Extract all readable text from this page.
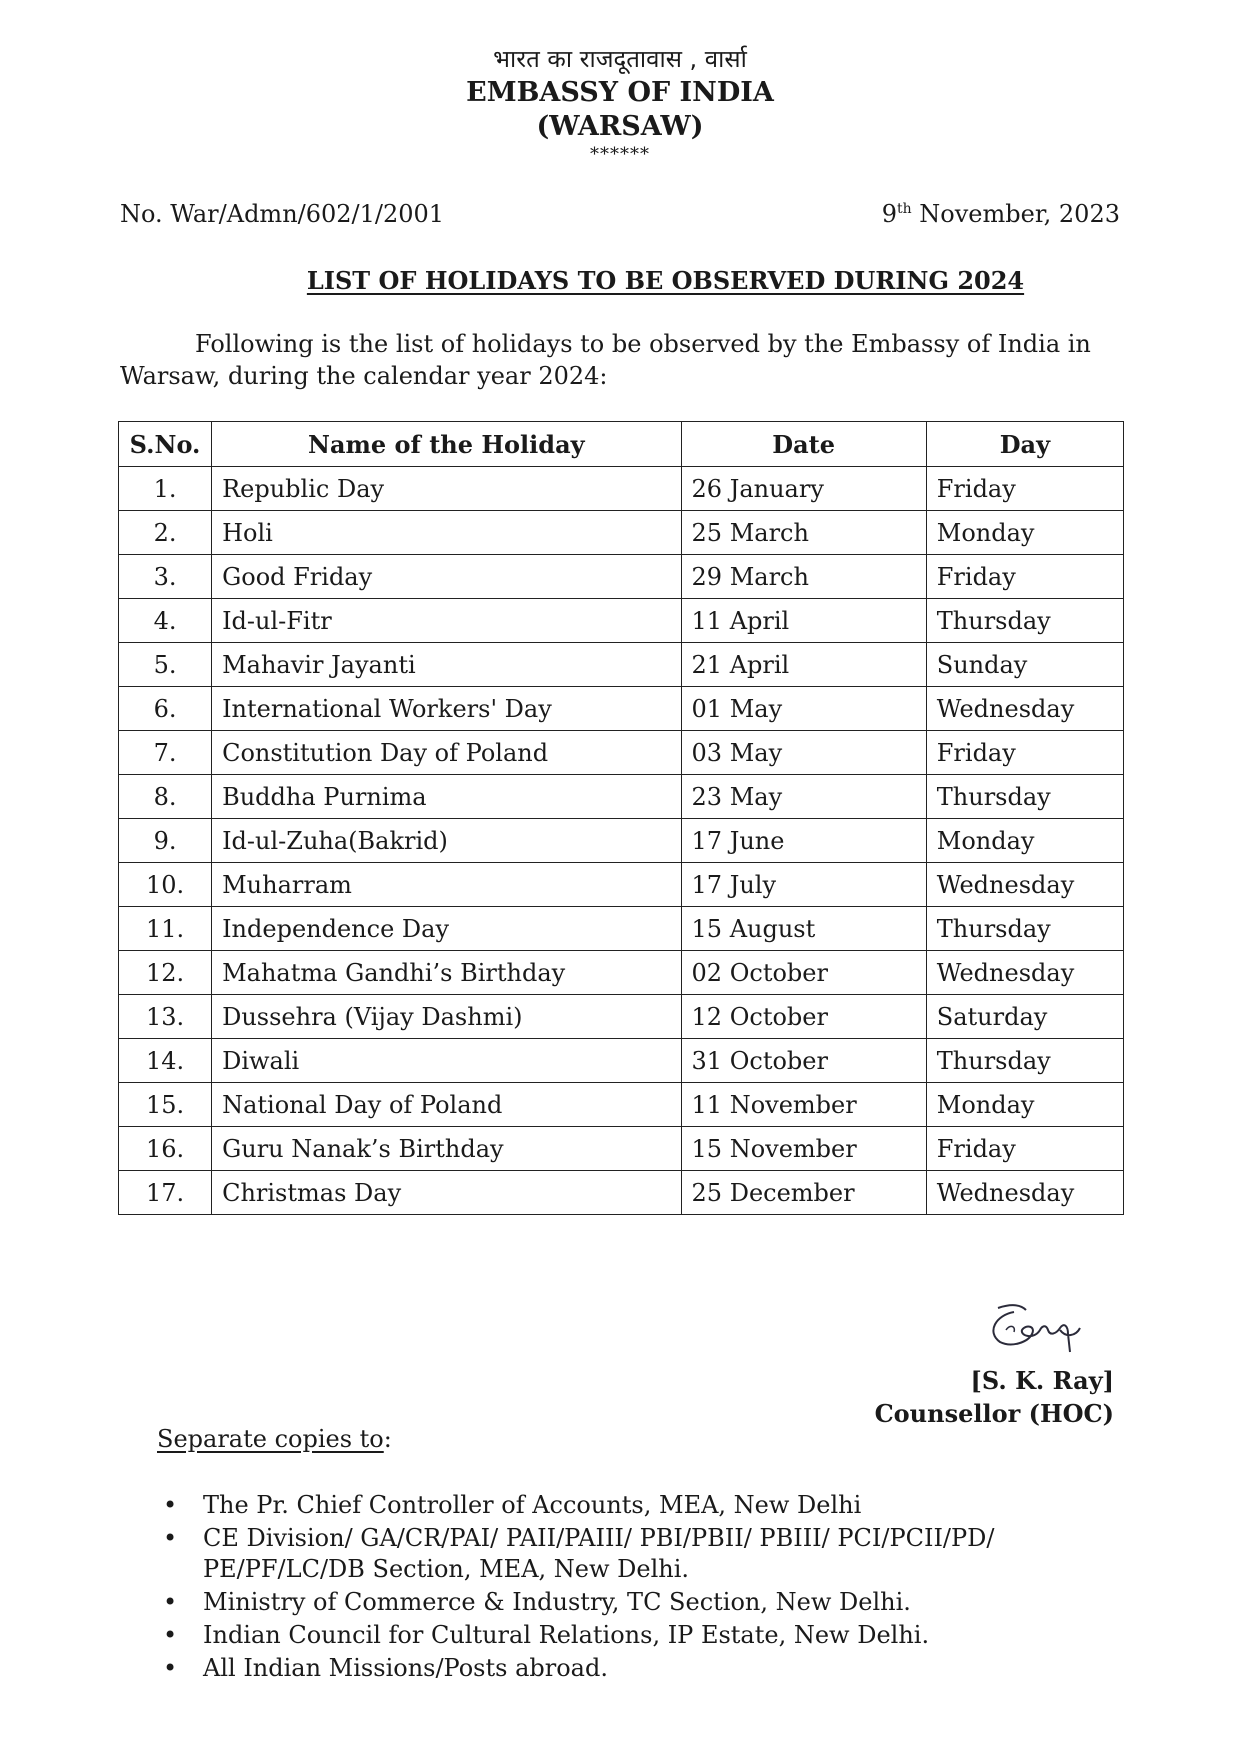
भारत का राजदूतावास , वार्सा
EMBASSY OF INDIA
(WARSAW)
******
No. War/Admn/602/1/2001	9th November, 2023
LIST OF HOLIDAYS TO BE OBSERVED DURING 2024
Following is the list of holidays to be observed by the Embassy of India in Warsaw, during the calendar year 2024:
S.No.	Name of the Holiday	Date	Day
1.	Republic Day	26 January	Friday
2.	Holi	25 March	Monday
3.	Good Friday	29 March	Friday
4.	Id-ul-Fitr	11 April	Thursday
5.	Mahavir Jayanti	21 April	Sunday
6.	International Workers' Day	01 May	Wednesday
7.	Constitution Day of Poland	03 May	Friday
8.	Buddha Purnima	23 May	Thursday
9.	Id-ul-Zuha(Bakrid)	17 June	Monday
10.	Muharram	17 July	Wednesday
11.	Independence Day	15 August	Thursday
12.	Mahatma Gandhi’s Birthday	02 October	Wednesday
13.	Dussehra (Vijay Dashmi)	12 October	Saturday
14.	Diwali	31 October	Thursday
15.	National Day of Poland	11 November	Monday
16.	Guru Nanak’s Birthday	15 November	Friday
17.	Christmas Day	25 December	Wednesday
[S. K. Ray]
Counsellor (HOC)
Separate copies to:
• The Pr. Chief Controller of Accounts, MEA, New Delhi
• CE Division/ GA/CR/PAI/ PAII/PAIII/ PBI/PBII/ PBIII/ PCI/PCII/PD/ PE/PF/LC/DB Section, MEA, New Delhi.
• Ministry of Commerce & Industry, TC Section, New Delhi.
• Indian Council for Cultural Relations, IP Estate, New Delhi.
• All Indian Missions/Posts abroad.
